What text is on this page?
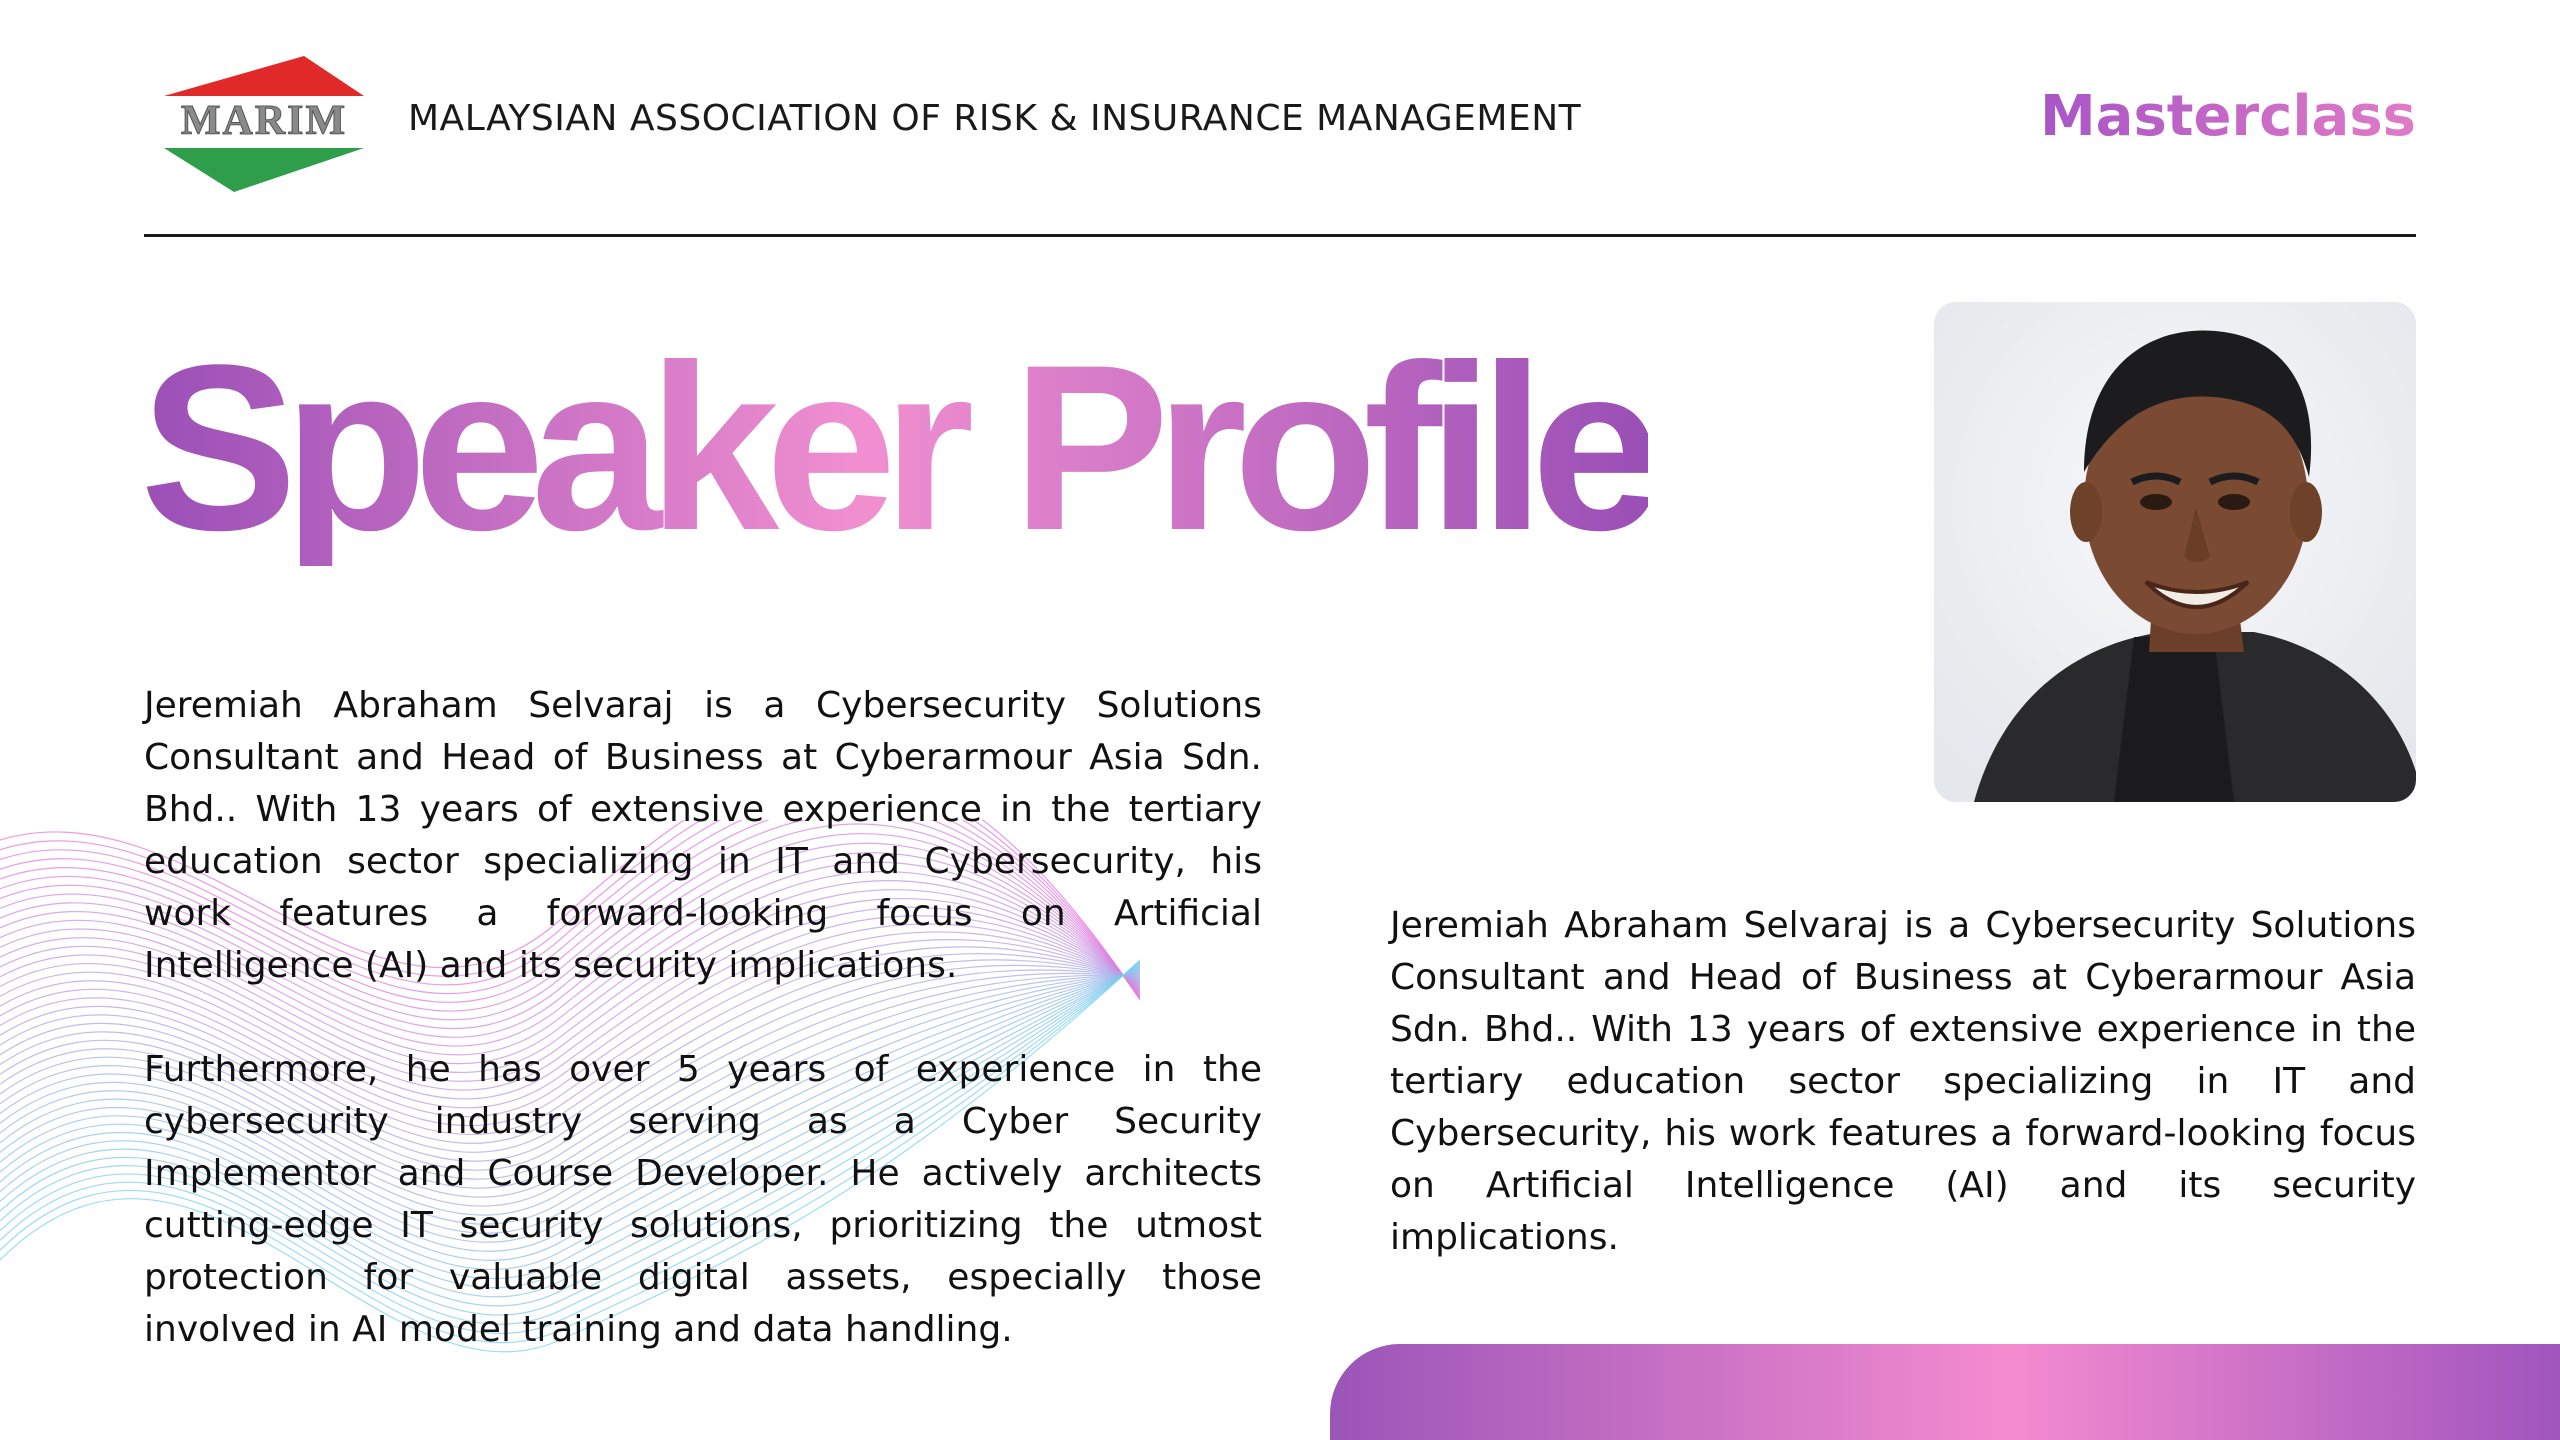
MARIM MALAYSIAN ASSOCIATION OF RISK & INSURANCE MANAGEMENT	Masterclass
Speaker Profile

Jeremiah Abraham Selvaraj is a Cybersecurity Solutions Consultant and Head of Business at Cyberarmour Asia Sdn. Bhd.. With 13 years of extensive experience in the tertiary education sector specializing in IT and Cybersecurity, his work features a forward-looking focus on Artificial Intelligence (AI) and its security implications.

Furthermore, he has over 5 years of experience in the cybersecurity industry serving as a Cyber Security Implementor and Course Developer. He actively architects cutting-edge IT security solutions, prioritizing the utmost protection for valuable digital assets, especially those involved in AI model training and data handling.

Jeremiah Abraham Selvaraj is a Cybersecurity Solutions Consultant and Head of Business at Cyberarmour Asia Sdn. Bhd.. With 13 years of extensive experience in the tertiary education sector specializing in IT and Cybersecurity, his work features a forward-looking focus on Artificial Intelligence (AI) and its security implications.
